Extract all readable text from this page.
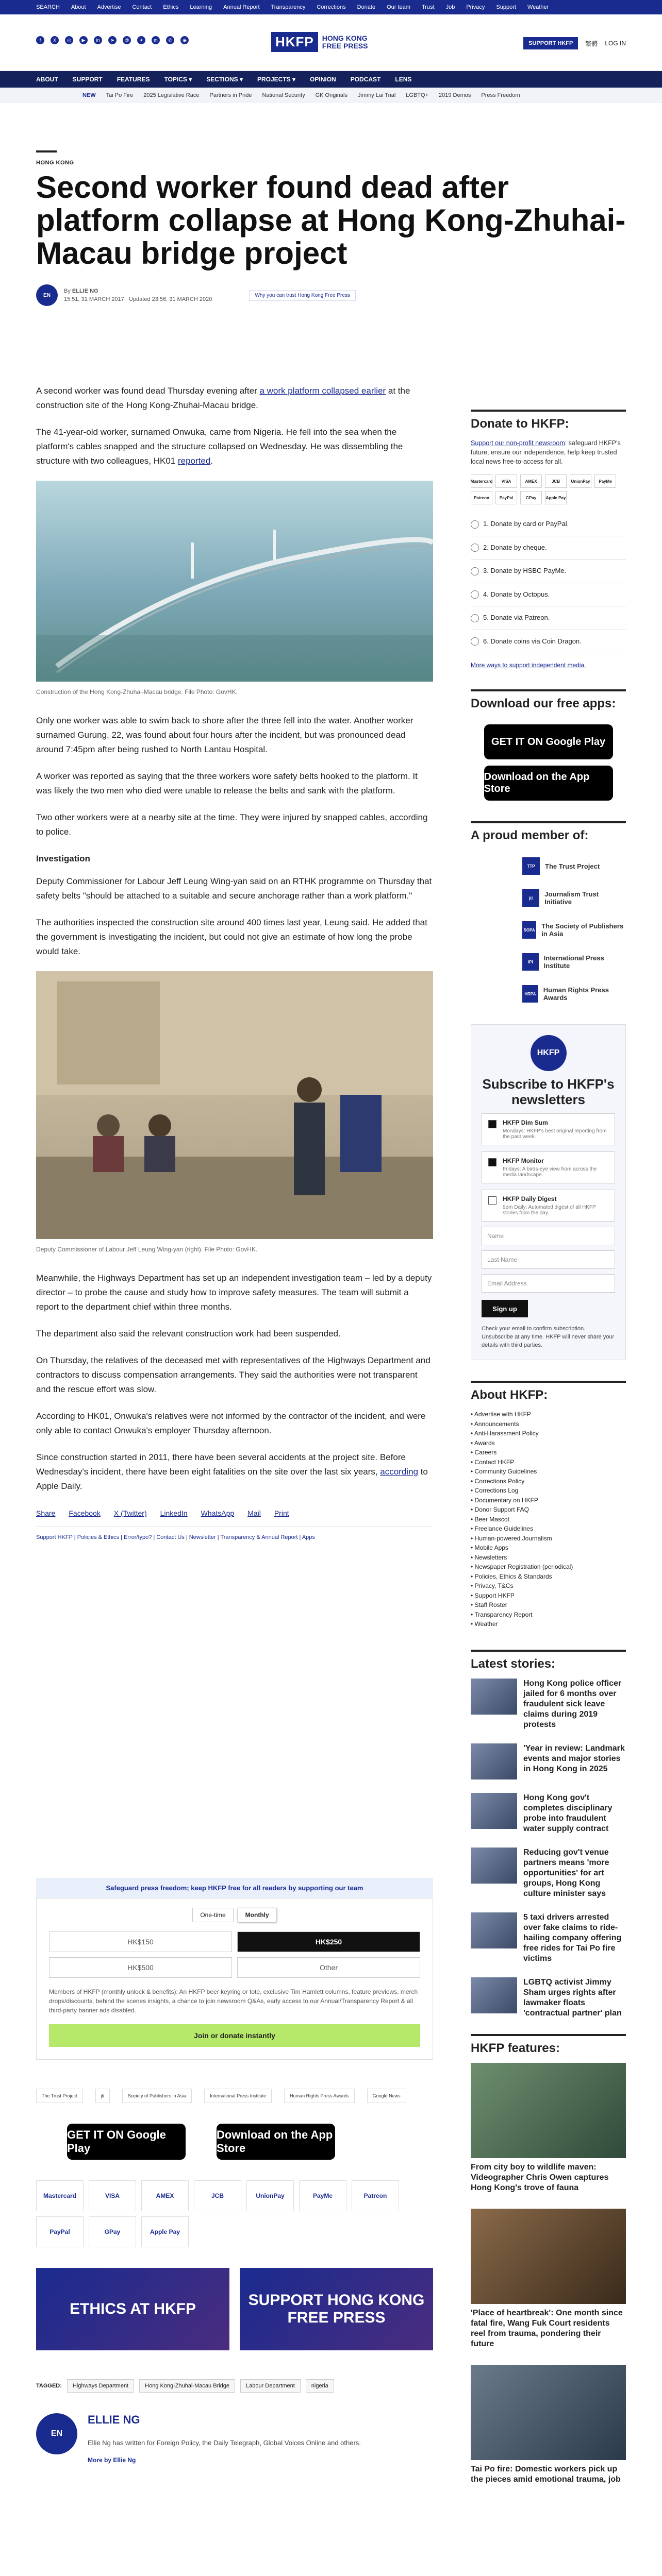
SEARCH About Advertise Contact Ethics Learning Annual Report Transparency Corrections Donate Our team Trust Job Privacy Support Weather
f	X	◎	▶	in	➤	@	✦	m	✆	◉	HKFP	HONG KONG
FREE PRESS	SUPPORT HKFP	繁體 LOG IN
ABOUT SUPPORT FEATURES TOPICS ▾ SECTIONS ▾ PROJECTS ▾ OPINION PODCAST LENS
NEW Tai Po Fire 2025 Legislative Race Partners in Pride National Security GK Originals Jimmy Lai Trial LGBTQ+ 2019 Demos Press Freedom
HONG KONG
Second worker found dead after platform collapse at Hong Kong-Zhuhai-Macau bridge project
EN
By ELLIE NG
15:51, 31 MARCH 2017 Updated 23:56, 31 MARCH 2020
Why you can trust Hong Kong Free Press

A second worker was found dead Thursday evening after a work platform collapsed earlier at the construction site of the Hong Kong-Zhuhai-Macau bridge.

The 41-year-old worker, surnamed Onwuka, came from Nigeria. He fell into the sea when the platform's cables snapped and the structure collapsed on Wednesday. He was dissembling the structure with two colleagues, HK01 reported.

Construction of the Hong Kong-Zhuhai-Macau bridge. File Photo: GovHK.

Only one worker was able to swim back to shore after the three fell into the water. Another worker surnamed Gurung, 22, was found about four hours after the incident, but was pronounced dead around 7:45pm after being rushed to North Lantau Hospital.

A worker was reported as saying that the three workers wore safety belts hooked to the platform. It was likely the two men who died were unable to release the belts and sank with the platform.

Two other workers were at a nearby site at the time. They were injured by snapped cables, according to police.

Investigation

Deputy Commissioner for Labour Jeff Leung Wing-yan said on an RTHK programme on Thursday that safety belts "should be attached to a suitable and secure anchorage rather than a work platform."

The authorities inspected the construction site around 400 times last year, Leung said. He added that the government is investigating the incident, but could not give an estimate of how long the probe would take.

Deputy Commissioner of Labour Jeff Leung Wing-yan (right). File Photo: GovHK.

Meanwhile, the Highways Department has set up an independent investigation team – led by a deputy director – to probe the cause and study how to improve safety measures. The team will submit a report to the department chief within three months.

The department also said the relevant construction work had been suspended.

On Thursday, the relatives of the deceased met with representatives of the Highways Department and contractors to discuss compensation arrangements. They said the authorities were not transparent and the rescue effort was slow.

According to HK01, Onwuka's relatives were not informed by the contractor of the incident, and were only able to contact Onwuka's employer Thursday afternoon.

Since construction started in 2011, there have been several accidents at the project site. Before Wednesday's incident, there have been eight fatalities on the site over the last six years, according to Apple Daily.

Share Facebook X (Twitter) LinkedIn WhatsApp Mail Print
Support HKFP | Policies & Ethics | Error/typo? | Contact Us | Newsletter | Transparency & Annual Report | Apps
Safeguard press freedom; keep HKFP free for all readers by supporting our team
One-time	Monthly
HK$150	HK$250
HK$500	Other
Members of HKFP (monthly unlock & benefits): An HKFP beer keyring or tote, exclusive Tim Hamlett columns, feature previews, merch drops/discounts, behind the scenes insights, a chance to join newsroom Q&As, early access to our Annual/Transparency Report & all third-party banner ads disabled.
Join or donate instantly
The Trust Project	jti	Society of Publishers in Asia	International Press Institute	Human Rights Press Awards	Google News
GET IT ON Google Play
Download on the App Store
Mastercard	VISA	AMEX	JCB	UnionPay	PayMe	Patreon
PayPal	GPay	Apple Pay
ETHICS AT HKFP
SUPPORT HONG KONG FREE PRESS
TAGGED:	Highways Department	Hong Kong-Zhuhai-Macau Bridge	Labour Department	nigeria
EN
ELLIE NG
Ellie Ng has written for Foreign Policy, the Daily Telegraph, Global Voices Online and others.
More by Ellie Ng
Donate to HKFP:
Support our non-profit newsroom: safeguard HKFP's future, ensure our independence, help keep trusted local news free-to-access for all.
Mastercard	VISA	AMEX	JCB	UnionPay	PayMe
Patreon	PayPal	GPay	Apple Pay
1. Donate by card or PayPal.
2. Donate by cheque.
3. Donate by HSBC PayMe.
4. Donate by Octopus.
5. Donate via Patreon.
6. Donate coins via Coin Dragon.
More ways to support independent media.
Download our free apps:
GET IT ON Google Play
Download on the App Store
A proud member of:
TTP	The Trust Project
jti	Journalism Trust Initiative
SOPA The Society of Publishers in Asia
IPI	International Press Institute
HRPA	Human Rights Press Awards
HKFP
Subscribe to HKFP's newsletters
HKFP Dim Sum
Mondays: HKFP's best original reporting from the past week.
HKFP Monitor
Fridays: A birds-eye view from across the media landscape.
HKFP Daily Digest
9pm Daily: Automated digest of all HKFP stories from the day.
Name
Last Name
Email Address
Sign up
Check your email to confirm subscription. Unsubscribe at any time. HKFP will never share your details with third parties.
About HKFP:
• Advertise with HKFP
• Announcements
• Anti-Harassment Policy
• Awards
• Careers
• Contact HKFP
• Community Guidelines
• Corrections Policy
• Corrections Log
• Documentary on HKFP
• Donor Support FAQ
• Beer Mascot
• Freelance Guidelines
• Human-powered Journalism
• Mobile Apps
• Newsletters
• Newspaper Registration (periodical)
• Policies, Ethics & Standards
• Privacy, T&Cs
• Support HKFP
• Staff Roster
• Transparency Report
• Weather
Latest stories:
Hong Kong police officer jailed for 6 months over fraudulent sick leave claims during 2019 protests
'Year in review: Landmark events and major stories in Hong Kong in 2025
Hong Kong gov't completes disciplinary probe into fraudulent water supply contract
Reducing gov't venue partners means 'more opportunities' for art groups, Hong Kong culture minister says
5 taxi drivers arrested over fake claims to ride-hailing company offering free rides for Tai Po fire victims
LGBTQ activist Jimmy Sham urges rights after lawmaker floats 'contractual partner' plan
HKFP features:
From city boy to wildlife maven: Videographer Chris Owen captures Hong Kong's trove of fauna
'Place of heartbreak': One month since fatal fire, Wang Fuk Court residents reel from trauma, pondering their future
Tai Po fire: Domestic workers pick up the pieces amid emotional trauma, job
